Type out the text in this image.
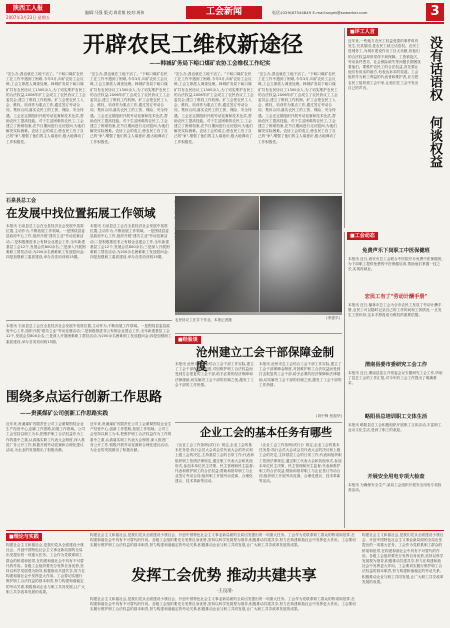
陕西工人报
2007年3月23日 星期五
编辑:马强 版式:周希敏 校对:周伟	工会新闻	电话:(029)87344849 E-mail:sxgrb@sxworker.com	3
开辟农民工维权新途径
——韩城矿务局下峪口煤矿农协工会维权工作纪实
"怎么办,我也就在工地干活了。"下峪口煤矿农民工在工作中遇到了困难,今年3月,向矿农协工会反映,工会立即派人调查处理。韩城矿务局下峪口煤矿共有农民协议工1300余人,为了切实维护农民工的合法权益,2006年矿工会成立了农民协议工工会委员会,建立了维权工作机制。矿工会把农民工入会、维权、培训作为重点工作,通过签订劳动合同、集体合同,落实农民工的工资、保险、安全待遇。工会还定期组织开展劳动竞赛和技术比武,帮助农民工提高技能。对于生活困难的农民工,工会建立了困难档案,在节日期间进行走访慰问,为他们解决实际困难。农协工会的成立,使农民工有了自己的"家",增强了他们的主人翁意识,极大地调动了工作积极性。
"怎么办,我也就在工地干活了。"下峪口煤矿农民工在工作中遇到了困难,今年3月,向矿农协工会反映,工会立即派人调查处理。韩城矿务局下峪口煤矿共有农民协议工1300余人,为了切实维护农民工的合法权益,2006年矿工会成立了农民协议工工会委员会,建立了维权工作机制。矿工会把农民工入会、维权、培训作为重点工作,通过签订劳动合同、集体合同,落实农民工的工资、保险、安全待遇。工会还定期组织开展劳动竞赛和技术比武,帮助农民工提高技能。对于生活困难的农民工,工会建立了困难档案,在节日期间进行走访慰问,为他们解决实际困难。农协工会的成立,使农民工有了自己的"家",增强了他们的主人翁意识,极大地调动了工作积极性。
"怎么办,我也就在工地干活了。"下峪口煤矿农民工在工作中遇到了困难,今年3月,向矿农协工会反映,工会立即派人调查处理。韩城矿务局下峪口煤矿共有农民协议工1300余人,为了切实维护农民工的合法权益,2006年矿工会成立了农民协议工工会委员会,建立了维权工作机制。矿工会把农民工入会、维权、培训作为重点工作,通过签订劳动合同、集体合同,落实农民工的工资、保险、安全待遇。工会还定期组织开展劳动竞赛和技术比武,帮助农民工提高技能。对于生活困难的农民工,工会建立了困难档案,在节日期间进行走访慰问,为他们解决实际困难。农协工会的成立,使农民工有了自己的"家",增强了他们的主人翁意识,极大地调动了工作积极性。
"怎么办,我也就在工地干活了。"下峪口煤矿农民工在工作中遇到了困难,今年3月,向矿农协工会反映,工会立即派人调查处理。韩城矿务局下峪口煤矿共有农民协议工1300余人,为了切实维护农民工的合法权益,2006年矿工会成立了农民协议工工会委员会,建立了维权工作机制。矿工会把农民工入会、维权、培训作为重点工作,通过签订劳动合同、集体合同,落实农民工的工资、保险、安全待遇。工会还定期组织开展劳动竞赛和技术比武,帮助农民工提高技能。对于生活困难的农民工,工会建立了困难档案,在节日期间进行走访慰问,为他们解决实际困难。农协工会的成立,使农民工有了自己的"家",增强了他们的主人翁意识,极大地调动了工作积极性。
■评工人言
没有话语权 何谈权益
近年来,一些地方农民工权益受损的事件时有发生,究其原因,是农民工缺乏话语权。农民工进城务工,为城市建设作出了巨大贡献,但他们的合法权益却常常得不到保障。工资被拖欠、劳动条件恶劣、社会保险缺失等问题长期困扰着他们。要维护农民工的合法权益,首先要让他们有说话的地方,有表达诉求的渠道。工会组织作为职工利益的代表者和维护者,应当把农民工组织到工会中来,让他们在工会中发出自己的声音。
石泉县总工会
在发展中找位置拓展工作领域
本报讯 石泉县总工会在全县经济社会发展中找准位置,主动作为,不断拓展工作领域。一是围绕县委县政府中心工作,组织开展"建功立业"劳动竞赛活动;二是积极推进非公有制企业建会工作,全年新建基层工会12个,发展会员800余名;三是深入开展困难职工帮扶活动,为200余名困难职工发放慰问金;四是加强职工素质建设,举办各类培训班15期。
本报讯 石泉县总工会在全县经济社会发展中找准位置,主动作为,不断拓展工作领域。一是围绕县委县政府中心工作,组织开展"建功立业"劳动竞赛活动;二是积极推进非公有制企业建会工作,全年新建基层工会12个,发展会员800余名;三是深入开展困难职工帮扶活动,为200余名困难职工发放慰问金;四是加强职工素质建设,举办各类培训班15期。
(李建平)
农民协议工在井下作业。本报记者摄
本报讯 石泉县总工会在全县经济社会发展中找准位置,主动作为,不断拓展工作领域。一是围绕县委县政府中心工作,组织开展"建功立业"劳动竞赛活动;二是积极推进非公有制企业建会工作,全年新建基层工会12个,发展会员800余名;三是深入开展困难职工帮扶活动,为200余名困难职工发放慰问金;四是加强职工素质建设,举办各类培训班15期。
围绕多点运行创新工作思路
——贵溪煤矿公司创新工作思路实践
近年来,贵溪煤矿有限责任公司工会紧紧围绕企业生产经营中心,创新工作思路,拓展工作领域。公司工会坚持以职工为本,把维护职工合法权益作为工作的重中之重,认真落实职工代表大会制度,深入推进厂务公开工作,积极开展劳动竞赛和合理化建议活动,为企业的发展做出了积极贡献。
近年来,贵溪煤矿有限责任公司工会紧紧围绕企业生产经营中心,创新工作思路,拓展工作领域。公司工会坚持以职工为本,把维护职工合法权益作为工作的重中之重,认真落实职工代表大会制度,深入推进厂务公开工作,积极开展劳动竞赛和合理化建议活动,为企业的发展做出了积极贡献。
■经验谈
沧州建立工会干部保障金制度
本报讯 沧州市总工会结合工会干部工作实际,建立了工会干部保障金制度,对因维护职工合法权益而受到打击报复的工会干部,给予必要的经济保障和法律援助,切实解决工会干部的后顾之忧,激发了工会干部的工作热情。
本报讯 沧州市总工会结合工会干部工作实际,建立了工会干部保障金制度,对因维护职工合法权益而受到打击报复的工会干部,给予必要的经济保障和法律援助,切实解决工会干部的后顾之忧,激发了工会干部的工作热情。
(刘中锋 张振华)
企业工会的基本任务有哪些
《企业工会工作条例(试行)》规定,企业工会的基本任务是:执行会员大会或会员代表大会的决议和上级工会的决定,主持基层工会的日常工作;代表和组织职工依照法律规定,通过职工代表大会和其他形式,参加本单位民主决策、民主管理和民主监督;代表和维护职工的合法权益;帮助和指导职工与企业签订劳动合同;组织职工开展劳动竞赛、合理化建议、技术革新等活动。
《企业工会工作条例(试行)》规定,企业工会的基本任务是:执行会员大会或会员代表大会的决议和上级工会的决定,主持基层工会的日常工作;代表和组织职工依照法律规定,通过职工代表大会和其他形式,参加本单位民主决策、民主管理和民主监督;代表和维护职工的合法权益;帮助和指导职工与企业签订劳动合同;组织职工开展劳动竞赛、合理化建议、技术革新等活动。
■工会动态
免费声乐下岗职工中医保健班
本报讯 近日,西安市总工会联合中医院开办免费中医保健班,为下岗职工提供免费的中医保健培训,帮助他们掌握一技之长,实现再就业。
宏民工有了"劳动计酬手册"
本报讯 近日,榆林市总工会为全市农民工发放了劳动计酬手册,农民工可以随时记录自己的工作时间和工资情况,一旦发生工资纠纷,这本手册将成为维权的重要依据。
渭南县委市委研究工会工作
本报讯 近日,渭南县委召开常委会议专题研究工会工作,听取了县总工会的工作汇报,对今年的工会工作提出了明确要求。
略阳县总培训职工文体生活
本报讯 略阳县总工会积极组织开展职工文体活动,丰富职工业余文化生活,受到了职工的欢迎。
开展安全用电专项大检查
本报讯 为确保安全生产,某局工会组织开展安全用电专项检查活动。
■理论与实践
构建社会主义和谐社会,是我们党从全面建设小康社会、开创中国特色社会主义事业新局面的全局出发提出的一项重大任务。工会作为党联系职工群众的桥梁和纽带,在构建和谐社会中具有不可替代的作用。各级工会组织要充分发挥自身优势,坚持以科学发展观为指导,积极推动共建共享,努力在构建和谐社会中发挥更大作用。工会要切实履行维护职工合法权益的基本职责,努力构建和谐稳定的劳动关系,积极推动企业与职工共同发展,让广大职工共享改革发展的成果。
发挥工会优势 推动共建共享
·王良清·
构建社会主义和谐社会,是我们党从全面建设小康社会、开创中国特色社会主义事业新局面的全局出发提出的一项重大任务。工会作为党联系职工群众的桥梁和纽带,在构建和谐社会中具有不可替代的作用。各级工会组织要充分发挥自身优势,坚持以科学发展观为指导,积极推动共建共享,努力在构建和谐社会中发挥更大作用。工会要切实履行维护职工合法权益的基本职责,努力构建和谐稳定的劳动关系,积极推动企业与职工共同发展,让广大职工共享改革发展的成果。
构建社会主义和谐社会,是我们党从全面建设小康社会、开创中国特色社会主义事业新局面的全局出发提出的一项重大任务。工会作为党联系职工群众的桥梁和纽带,在构建和谐社会中具有不可替代的作用。各级工会组织要充分发挥自身优势,坚持以科学发展观为指导,积极推动共建共享,努力在构建和谐社会中发挥更大作用。工会要切实履行维护职工合法权益的基本职责,努力构建和谐稳定的劳动关系,积极推动企业与职工共同发展,让广大职工共享改革发展的成果。
构建社会主义和谐社会,是我们党从全面建设小康社会、开创中国特色社会主义事业新局面的全局出发提出的一项重大任务。工会作为党联系职工群众的桥梁和纽带,在构建和谐社会中具有不可替代的作用。各级工会组织要充分发挥自身优势,坚持以科学发展观为指导,积极推动共建共享,努力在构建和谐社会中发挥更大作用。工会要切实履行维护职工合法权益的基本职责,努力构建和谐稳定的劳动关系,积极推动企业与职工共同发展,让广大职工共享改革发展的成果。
